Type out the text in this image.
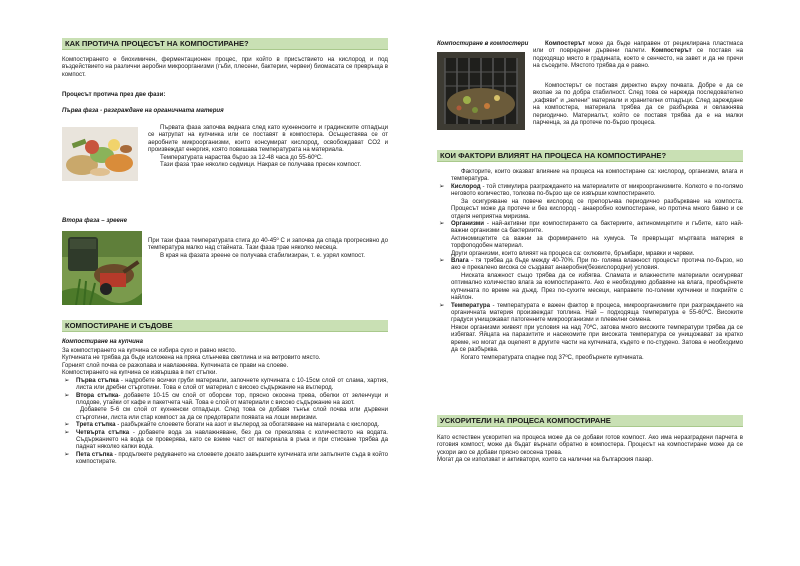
КАК ПРОТИЧА ПРОЦЕСЪТ НА КОМПОСТИРАНЕ?

Компостирането е биохимичен, ферментационен процес, при който в присъствието на кислород и под въздействието на различни аеробни микроорганизми (гъби, плесени, бактерии, червеи) биомасата се превръща в компост.

Процесът протича през две фази:
Първа фаза - разграждане на органичната материя

Първата фаза започва веднага след като кухненските и градинските отпадъци се натрупат на купчинка или се поставят в компостера. Осъществява се от аеробните микроорганизми, които консумират кислород, освобождават CO2 и произвеждат енергия, която повишава температурата на материала.

Температурата нараства бързо за 12-48 часа до 55-60ºС.

Тази фаза трае няколко седмици. Накрая се получава пресен компост.

Втора фаза – зреене

При тази фаза температурата стига до 40-45º С и започва да спада прогресивно до температура малко над стайната. Тази фаза трае няколко месеца.

В края на фазата зреене се получава стабилизиран, т. е. узрял компост.

КОМПОСТИРАНЕ И СЪДОВЕ
Компостиране на купчина

За компостирането на купчина се избира сухо и равно място.

Купчината не трябва да бъде изложена на пряка слънчева светлина и на ветровито място.

Горният слой почва се разкопава и навлажнява. Купчината се прави на слоеве.

Компостирането на купчина се извършва в пет стъпки.

➢ Първа стъпка - надробете всички груби материали, започнете купчината с 10-15см слой от слама, хартия, листа или дребни стърготини. Това е слой от материал с високо съдържание на въглерод.
➢ Втора стъпка- добавете 10-15 см слой от оборски тор, прясно окосена трева, обелки от зеленчуци и плодове, утайки от кафе и пакетчета чай. Това е слой от материали с високо съдържание на азот.
Добавете 5-6 см слой от кухненски отпадъци. След това се добавя тънък слой почва или дървени стърготини, листа или стар компост за да се предотврати появата на лоши миризми.
➢ Трета стъпка - разбъркайте слоевете богати на азот и въглерод за обогатяване на материала с кислород.
➢ Четвърта стъпка - добавете вода за навлажняване, без да се прекалява с количеството на водата. Съдържанието на вода се проверява, като се вземе част от материала в ръка и при стискане трябва да паднат няколко капки вода.
➢ Пета стъпка - продължете редуването на слоевете докато завършите купчината или запълните съда в който компостирате.
Компостиране в компостери	Компостерът може да бъде направен от рециклирана пластмаса или от повредени дървени палети. Компостерът се поставя на подходящо място в градината, което е сенчесто, на завет и да не пречи на съседите. Мястото трябва да е равно.

Компостерът се поставя директно върху почвата. Добре е да се вкопае за по добра стабилност. След това се нарежда последователно „кафяви" и „зелени" материали и хранителни отпадъци. След зареждане на компостера, материала трябва да се разбърква и овлажнява периодично. Материалът, който се поставя трябва да е на малки парченца, за да протече по-бързо процеса.

КОИ ФАКТОРИ ВЛИЯЯТ НА ПРОЦЕСА НА КОМПОСТИРАНЕ?

Факторите, които оказват влияние на процеса на компостиране са: кислород, организми, влага и температура.

➢ Кислород - той стимулира разграждането на материалите от микроорганизмите. Колкото е по-голямо неговото количество, толкова по-бързо ще се извърши компостирането.

За осигуряване на повече кислород се препоръчва периодично разбъркване на компоста. Процесът може да протече и без кислород - анаеробно компостиране, но протича много бавно и се отделя неприятна миризма.

➢ Организми - най-активни при компостирането са бактериите, актиномицетите и гъбите, като най- важни организми са бактериите.

Актиномицетите са важни за формирането на хумуса. Те превръщат мъртвата материя в торфоподобен материал.

Други организми, които влияят на процеса са: охлювите, бръмбари, мравки и червеи.

➢ Влага - тя трябва да бъде между 40-70%. При по- голяма влажност процесът протича по-бързо, но ако е прекалено висока се създават анаеробни(безкислородни) условия.

Ниската влажност също трябва да се избягва. Сламата и влакнестите материали осигуряват оптимално количество влага за компостирането. Ако е необходимо добавяне на влага, преобърнете купчината по време на дъжд. През по-сухите месеци, направете по-големи купчинки и покрийте с найлон.

➢ Температура - температурата е важен фактор в процеса, микроорганизмите при разграждането на органичната материя произвеждат топлина. Най – подходяща температура е 55-60ºС. Високите градуси унищожават патогенните микроорганизми и плевелни семена.

Някои организми живеят при условия на над 70ºС, затова много високите температури трябва да се избягват. Яйцата на паразитите и насекомите при високата температура се унищожават за кратко време, но могат да оцелеят в другите части на купчината, където е по-студено. Затова е необходимо да се разбърква.

Когато температурата спадне под 37ºС, преобърнете купчината.

УСКОРИТЕЛИ НА ПРОЦЕСА КОМПОСТИРАНЕ

Като естествен ускорител на процеса може да се добави готов компост. Ако има неразградени парчета в готовия компост, може да бъдат върнати обратно в компостера. Процесът на компостиране може да се ускори ако се добави прясно окосена трева.

Могат да се използват и активатори, които са налични на българския пазар.
